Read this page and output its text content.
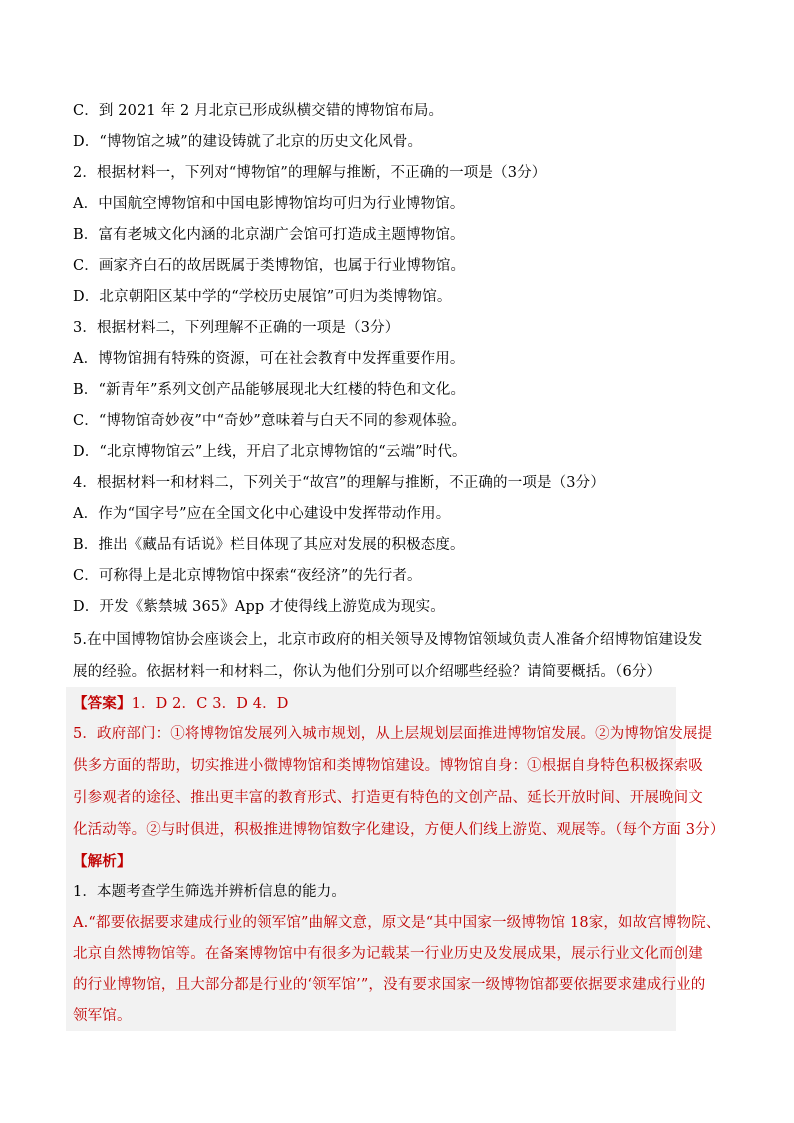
C．到 2021 年 2 月北京已形成纵横交错的博物馆布局。
D．“博物馆之城”的建设铸就了北京的历史文化风骨。
2．根据材料一，下列对“博物馆”的理解与推断，不正确的一项是（3分）
A．中国航空博物馆和中国电影博物馆均可归为行业博物馆。
B．富有老城文化内涵的北京湖广会馆可打造成主题博物馆。
C．画家齐白石的故居既属于类博物馆，也属于行业博物馆。
D．北京朝阳区某中学的“学校历史展馆”可归为类博物馆。
3．根据材料二，下列理解不正确的一项是（3分）
A．博物馆拥有特殊的资源，可在社会教育中发挥重要作用。
B．“新青年”系列文创产品能够展现北大红楼的特色和文化。
C．“博物馆奇妙夜”中“奇妙”意味着与白天不同的参观体验。
D．“北京博物馆云”上线，开启了北京博物馆的“云端”时代。
4．根据材料一和材料二，下列关于“故宫”的理解与推断，不正确的一项是（3分）
A．作为“国字号”应在全国文化中心建设中发挥带动作用。
B．推出《藏品有话说》栏目体现了其应对发展的积极态度。
C．可称得上是北京博物馆中探索“夜经济”的先行者。
D．开发《紫禁城 365》App 才使得线上游览成为现实。
5.在中国博物馆协会座谈会上，北京市政府的相关领导及博物馆领域负责人准备介绍博物馆建设发
展的经验。依据材料一和材料二，你认为他们分别可以介绍哪些经验？请简要概括。（6分）
【答案】1．D 2．C 3．D 4．D
5．政府部门：①将博物馆发展列入城市规划，从上层规划层面推进博物馆发展。②为博物馆发展提
供多方面的帮助，切实推进小微博物馆和类博物馆建设。博物馆自身：①根据自身特色积极探索吸
引参观者的途径、推出更丰富的教育形式、打造更有特色的文创产品、延长开放时间、开展晚间文
化活动等。②与时俱进，积极推进博物馆数字化建设，方便人们线上游览、观展等。（每个方面 3分）
【解析】
1．本题考查学生筛选并辨析信息的能力。
A.“都要依据要求建成行业的领军馆”曲解文意，原文是“其中国家一级博物馆 18家，如故宫博物院、
北京自然博物馆等。在备案博物馆中有很多为记载某一行业历史及发展成果，展示行业文化而创建
的行业博物馆，且大部分都是行业的‘领军馆’”，没有要求国家一级博物馆都要依据要求建成行业的
领军馆。
